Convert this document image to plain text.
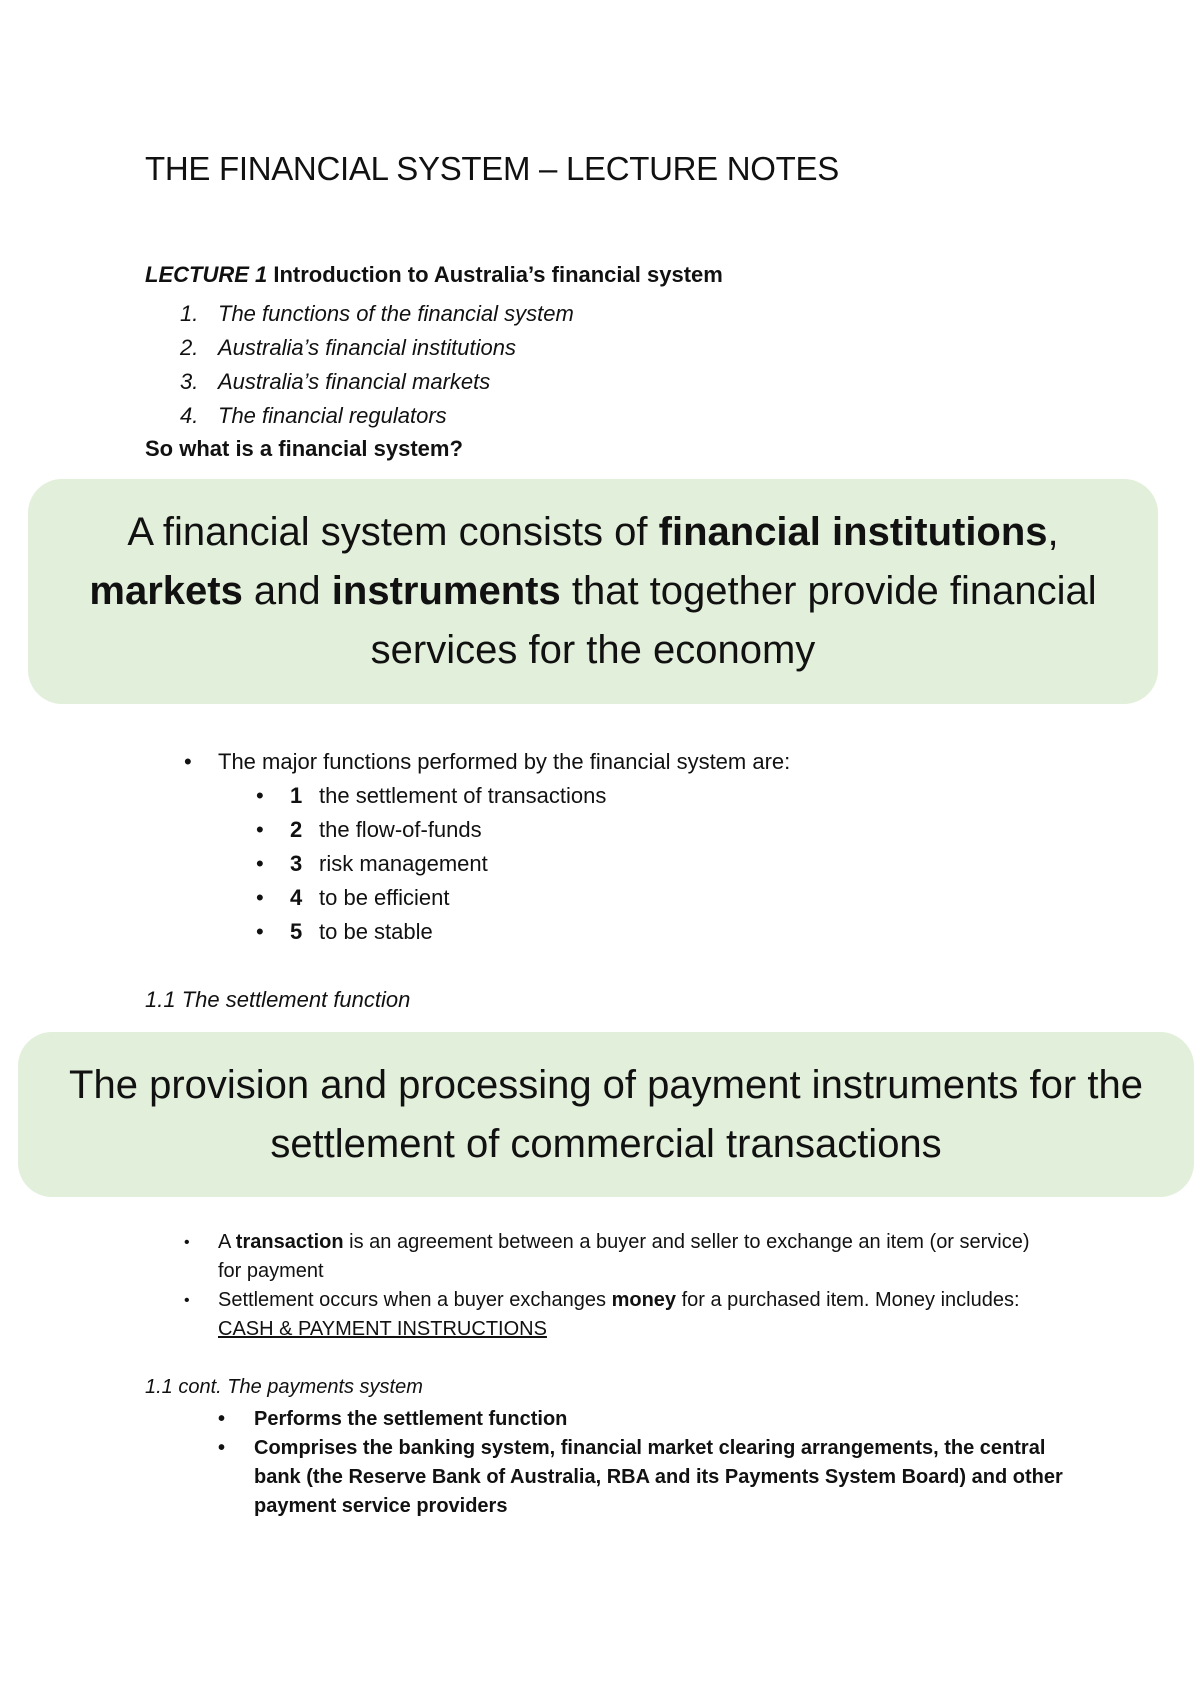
THE FINANCIAL SYSTEM – LECTURE NOTES
LECTURE 1 Introduction to Australia’s financial system
1. The functions of the financial system
2. Australia’s financial institutions
3. Australia’s financial markets
4. The financial regulators
So what is a financial system?
A financial system consists of financial institutions,
markets and instruments that together provide financial services for the economy
• The major functions performed by the financial system are:
• 1 the settlement of transactions
• 2 the flow-of-funds
• 3 risk management
• 4 to be efficient
• 5 to be stable
1.1 The settlement function
The provision and processing of payment instruments for the settlement of commercial transactions
• A transaction is an agreement between a buyer and seller to exchange an item (or service) for payment
• Settlement occurs when a buyer exchanges money for a purchased item. Money includes: CASH & PAYMENT INSTRUCTIONS
1.1 cont. The payments system
• Performs the settlement function
• Comprises the banking system, financial market clearing arrangements, the central bank (the Reserve Bank of Australia, RBA and its Payments System Board) and other payment service providers
